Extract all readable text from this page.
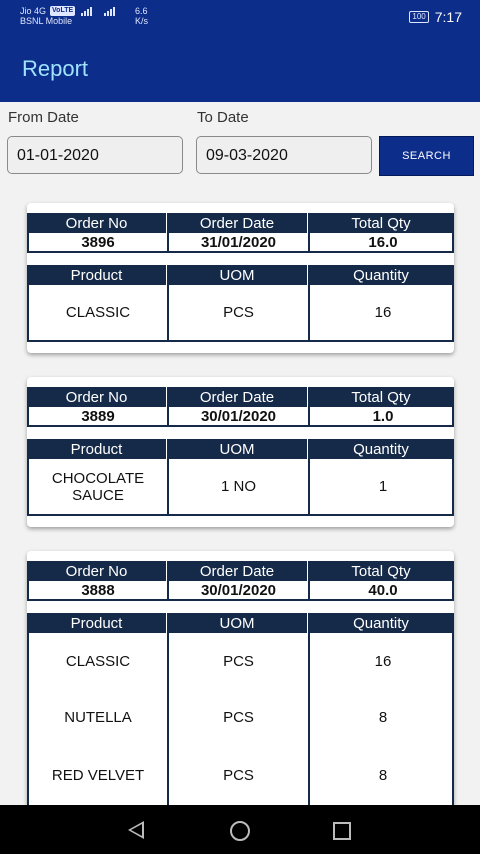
Jio 4G VoLTE
BSNL Mobile
6.6
K/s	100 7:17
Report
From Date
01-01-2020
To Date
09-03-2020	SEARCH
Order No	Order Date	Total Qty
3896	31/01/2020	16.0
Product	UOM	Quantity
CLASSIC	PCS	16
Order No	Order Date	Total Qty
3889	30/01/2020	1.0
Product	UOM	Quantity
CHOCOLATE SAUCE	1 NO	1
Order No	Order Date	Total Qty
3888	30/01/2020	40.0
Product	UOM	Quantity
CLASSIC	PCS	16
NUTELLA	PCS	8
RED VELVET	PCS	8
